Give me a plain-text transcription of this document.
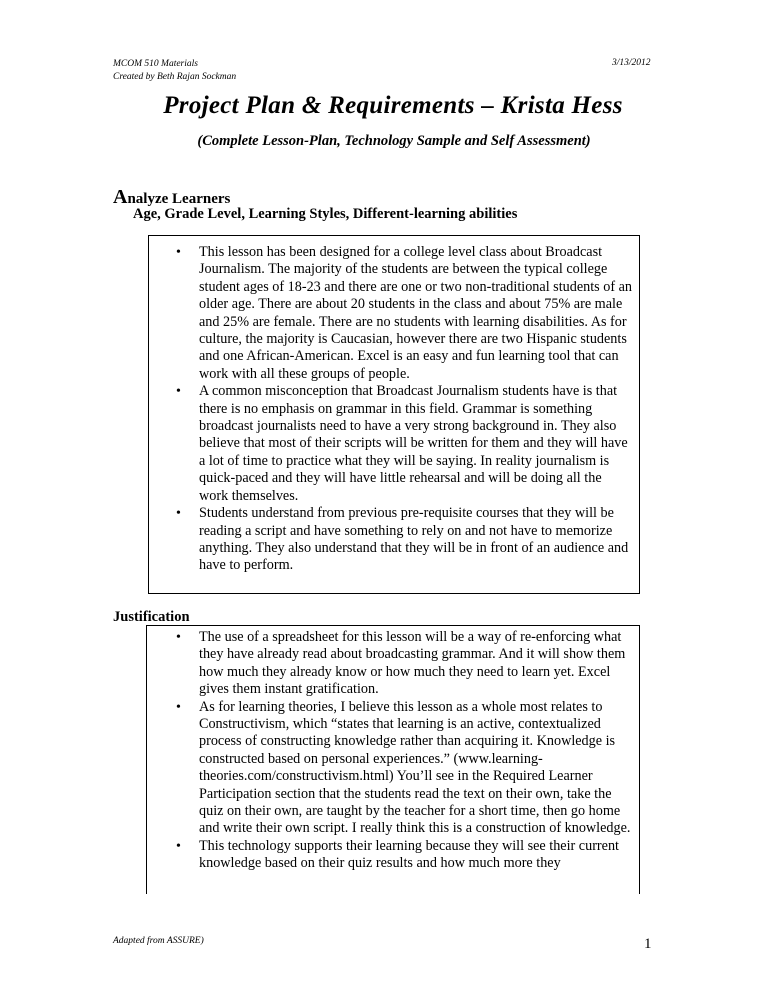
MCOM 510 Materials
Created by Beth Rajan Sockman
3/13/2012
Project Plan & Requirements – Krista Hess
(Complete Lesson-Plan, Technology Sample and Self Assessment)
Analyze Learners
Age, Grade Level, Learning Styles, Different-learning abilities
• This lesson has been designed for a college level class about Broadcast Journalism. The majority of the students are between the typical college student ages of 18-23 and there are one or two non-traditional students of an older age. There are about 20 students in the class and about 75% are male and 25% are female. There are no students with learning disabilities. As for culture, the majority is Caucasian, however there are two Hispanic students and one African-American. Excel is an easy and fun learning tool that can work with all these groups of people.
• A common misconception that Broadcast Journalism students have is that there is no emphasis on grammar in this field. Grammar is something broadcast journalists need to have a very strong background in. They also believe that most of their scripts will be written for them and they will have a lot of time to practice what they will be saying. In reality journalism is quick-paced and they will have little rehearsal and will be doing all the work themselves.
• Students understand from previous pre-requisite courses that they will be reading a script and have something to rely on and not have to memorize anything. They also understand that they will be in front of an audience and have to perform.
Justification
• The use of a spreadsheet for this lesson will be a way of re-enforcing what they have already read about broadcasting grammar. And it will show them how much they already know or how much they need to learn yet. Excel gives them instant gratification.
• As for learning theories, I believe this lesson as a whole most relates to Constructivism, which “states that learning is an active, contextualized process of constructing knowledge rather than acquiring it. Knowledge is constructed based on personal experiences.” (www.learning-theories.com/constructivism.html) You’ll see in the Required Learner Participation section that the students read the text on their own, take the quiz on their own, are taught by the teacher for a short time, then go home and write their own script. I really think this is a construction of knowledge.
• This technology supports their learning because they will see their current knowledge based on their quiz results and how much more they
Adapted from ASSURE)	1
